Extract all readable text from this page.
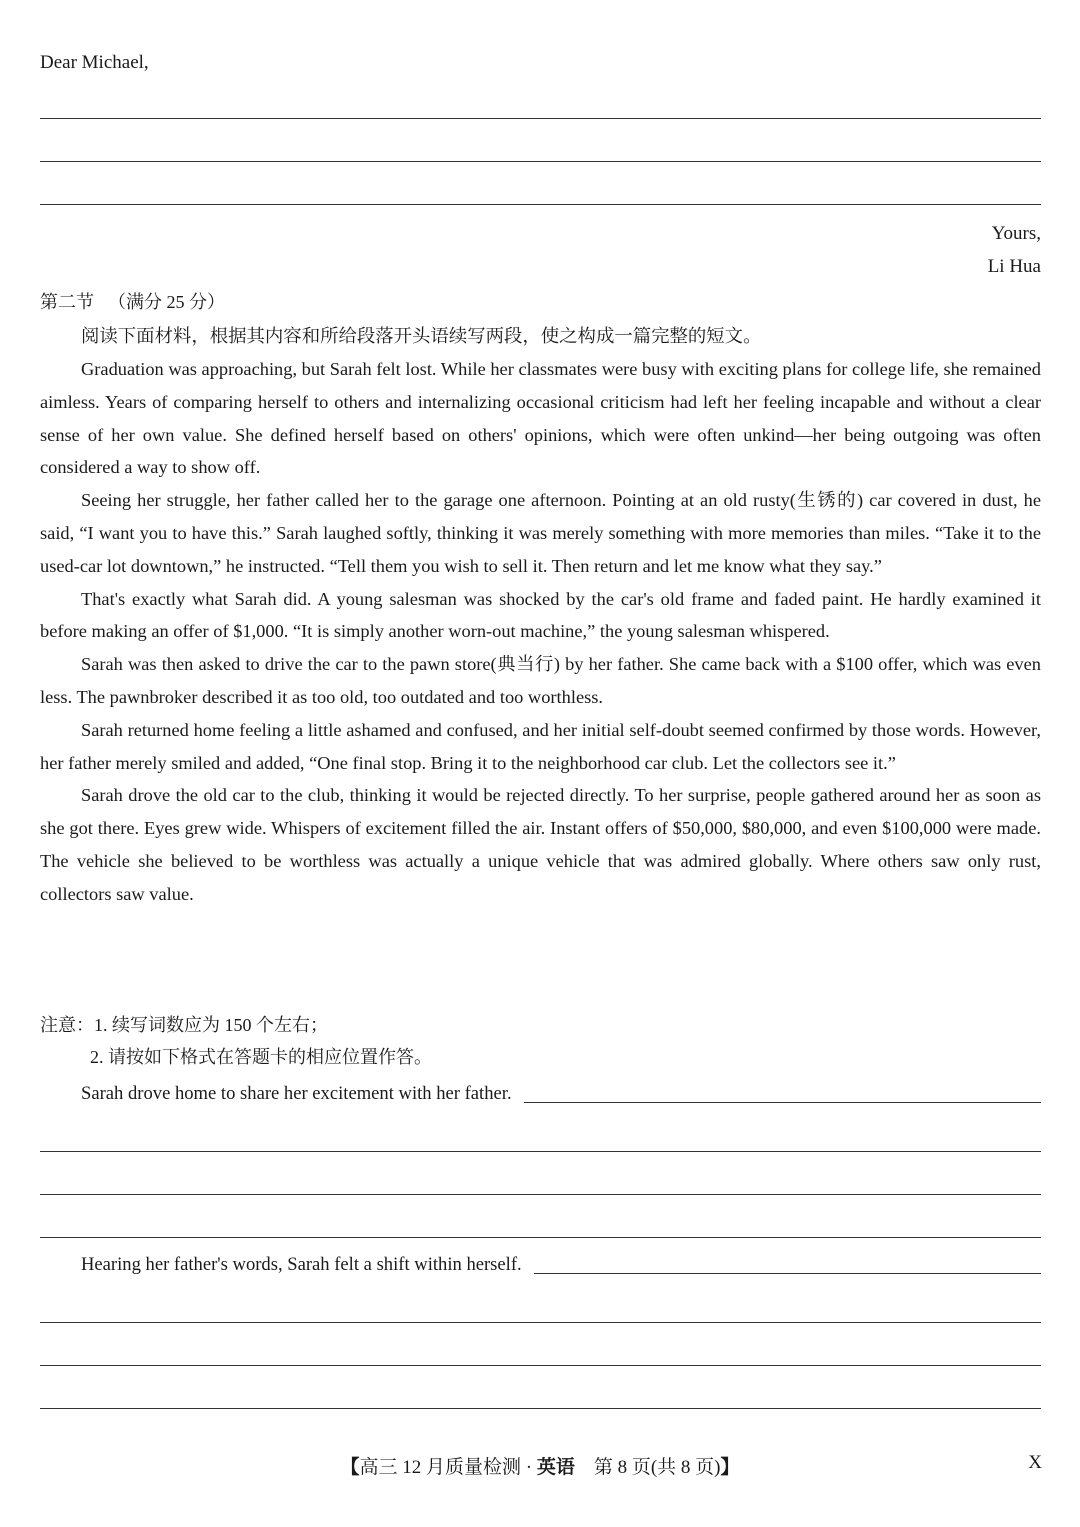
Dear Michael,
Yours,
Li Hua
第二节 （满分 25 分）
阅读下面材料，根据其内容和所给段落开头语续写两段，使之构成一篇完整的短文。

Graduation was approaching, but Sarah felt lost. While her classmates were busy with exciting plans for college life, she remained aimless. Years of comparing herself to others and internalizing occasional criticism had left her feeling incapable and without a clear sense of her own value. She defined herself based on others' opinions, which were often unkind—her being outgoing was often considered a way to show off.

Seeing her struggle, her father called her to the garage one afternoon. Pointing at an old rusty(生锈的) car covered in dust, he said, “I want you to have this.” Sarah laughed softly, thinking it was merely something with more memories than miles. “Take it to the used-car lot downtown,” he instructed. “Tell them you wish to sell it. Then return and let me know what they say.”

That's exactly what Sarah did. A young salesman was shocked by the car's old frame and faded paint. He hardly examined it before making an offer of $1,000. “It is simply another worn-out machine,” the young salesman whispered.

Sarah was then asked to drive the car to the pawn store(典当行) by her father. She came back with a $100 offer, which was even less. The pawnbroker described it as too old, too outdated and too worthless.

Sarah returned home feeling a little ashamed and confused, and her initial self-doubt seemed confirmed by those words. However, her father merely smiled and added, “One final stop. Bring it to the neighborhood car club. Let the collectors see it.”

Sarah drove the old car to the club, thinking it would be rejected directly. To her surprise, people gathered around her as soon as she got there. Eyes grew wide. Whispers of excitement filled the air. Instant offers of $50,000, $80,000, and even $100,000 were made. The vehicle she believed to be worthless was actually a unique vehicle that was admired globally. Where others saw only rust, collectors saw value.

注意：1. 续写词数应为 150 个左右；
2. 请按如下格式在答题卡的相应位置作答。
Sarah drove home to share her excitement with her father.
Hearing her father's words, Sarah felt a shift within herself.
【高三 12 月质量检测 · 英语　第 8 页(共 8 页)】	X
